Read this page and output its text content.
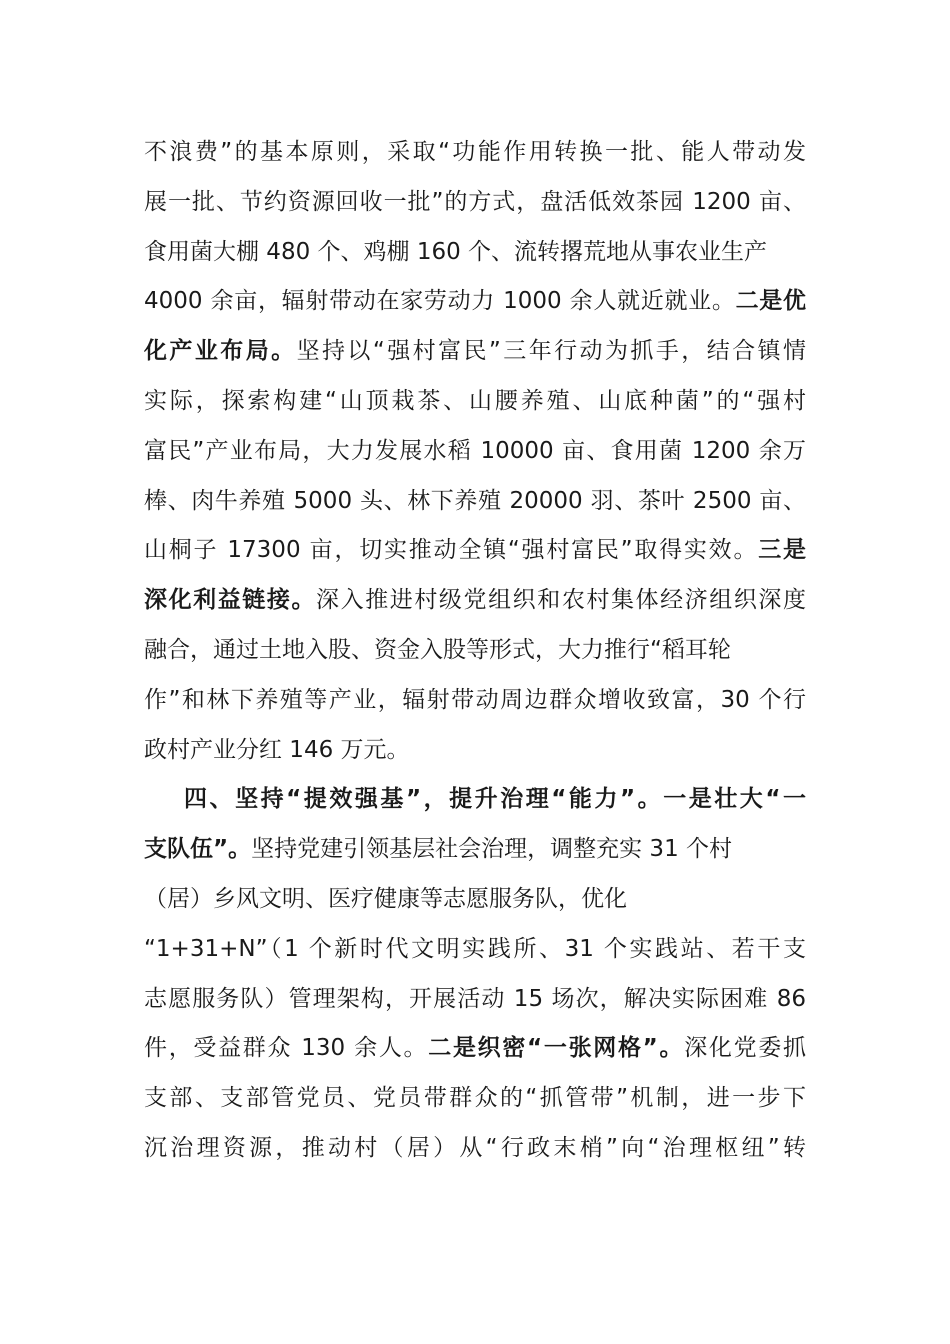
不浪费”的基本原则，采取“功能作用转换一批、能人带动发
展一批、节约资源回收一批”的方式，盘活低效茶园 1200 亩、
食用菌大棚 480 个、鸡棚 160 个、流转撂荒地从事农业生产
4000 余亩，辐射带动在家劳动力 1000 余人就近就业。二是优
化产业布局。坚持以“强村富民”三年行动为抓手，结合镇情
实际，探索构建“山顶栽茶、山腰养殖、山底种菌”的“强村
富民”产业布局，大力发展水稻 10000 亩、食用菌 1200 余万
棒、肉牛养殖 5000 头、林下养殖 20000 羽、茶叶 2500 亩、
山桐子 17300 亩，切实推动全镇“强村富民”取得实效。三是
深化利益链接。深入推进村级党组织和农村集体经济组织深度
融合，通过土地入股、资金入股等形式，大力推行“稻耳轮
作”和林下养殖等产业，辐射带动周边群众增收致富，30 个行
政村产业分红 146 万元。
四、坚持“提效强基”，提升治理“能力”。一是壮大“一
支队伍”。坚持党建引领基层社会治理，调整充实 31 个村
（居）乡风文明、医疗健康等志愿服务队，优化
“1+31+N”（1 个新时代文明实践所、31 个实践站、若干支
志愿服务队）管理架构，开展活动 15 场次，解决实际困难 86
件，受益群众 130 余人。二是织密“一张网格”。深化党委抓
支部、支部管党员、党员带群众的“抓管带”机制，进一步下
沉治理资源，推动村（居）从“行政末梢”向“治理枢纽”转
